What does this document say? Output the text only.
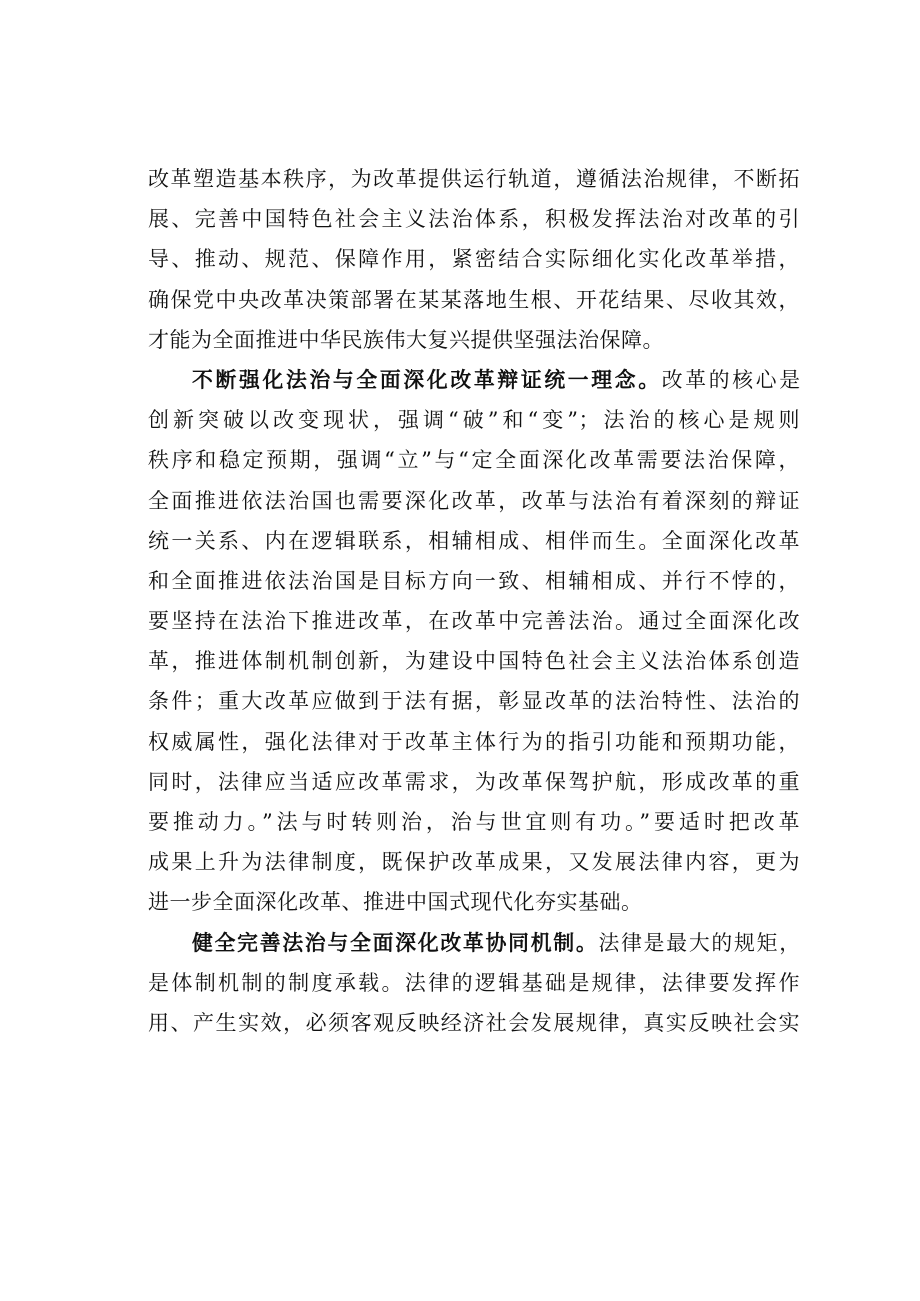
改革塑造基本秩序，为改革提供运行轨道，遵循法治规律，不断拓
展、完善中国特色社会主义法治体系，积极发挥法治对改革的引
导、推动、规范、保障作用，紧密结合实际细化实化改革举措，
确保党中央改革决策部署在某某落地生根、开花结果、尽收其效，
才能为全面推进中华民族伟大复兴提供坚强法治保障。
不断强化法治与全面深化改革辩证统一理念。改革的核心是
创新突破以改变现状，强调“破”和“变”；法治的核心是规则
秩序和稳定预期，强调“立”与“定全面深化改革需要法治保障，
全面推进依法治国也需要深化改革，改革与法治有着深刻的辩证
统一关系、内在逻辑联系，相辅相成、相伴而生。全面深化改革
和全面推进依法治国是目标方向一致、相辅相成、并行不悖的，
要坚持在法治下推进改革，在改革中完善法治。通过全面深化改
革，推进体制机制创新，为建设中国特色社会主义法治体系创造
条件；重大改革应做到于法有据，彰显改革的法治特性、法治的
权威属性，强化法律对于改革主体行为的指引功能和预期功能，
同时，法律应当适应改革需求，为改革保驾护航，形成改革的重
要推动力。”法与时转则治，治与世宜则有功。”要适时把改革
成果上升为法律制度，既保护改革成果，又发展法律内容，更为
进一步全面深化改革、推进中国式现代化夯实基础。
健全完善法治与全面深化改革协同机制。法律是最大的规矩，
是体制机制的制度承载。法律的逻辑基础是规律，法律要发挥作
用、产生实效，必须客观反映经济社会发展规律，真实反映社会实
